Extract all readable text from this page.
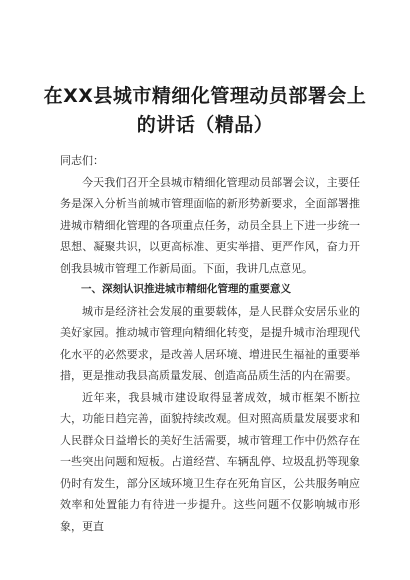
在XX县城市精细化管理动员部署会上
的讲话（精品）

同志们：

今天我们召开全县城市精细化管理动员部署会议，主要任务是深入分析当前城市管理面临的新形势新要求，全面部署推进城市精细化管理的各项重点任务，动员全县上下进一步统一思想、凝聚共识，以更高标准、更实举措、更严作风，奋力开创我县城市管理工作新局面。下面，我讲几点意见。

一、深刻认识推进城市精细化管理的重要意义

城市是经济社会发展的重要载体，是人民群众安居乐业的美好家园。推动城市管理向精细化转变，是提升城市治理现代化水平的必然要求，是改善人居环境、增进民生福祉的重要举措，更是推动我县高质量发展、创造高品质生活的内在需要。

近年来，我县城市建设取得显著成效，城市框架不断拉大，功能日趋完善，面貌持续改观。但对照高质量发展要求和人民群众日益增长的美好生活需要，城市管理工作中仍然存在一些突出问题和短板。占道经营、车辆乱停、垃圾乱扔等现象仍时有发生，部分区域环境卫生存在死角盲区，公共服务响应效率和处置能力有待进一步提升。这些问题不仅影响城市形象，更直
